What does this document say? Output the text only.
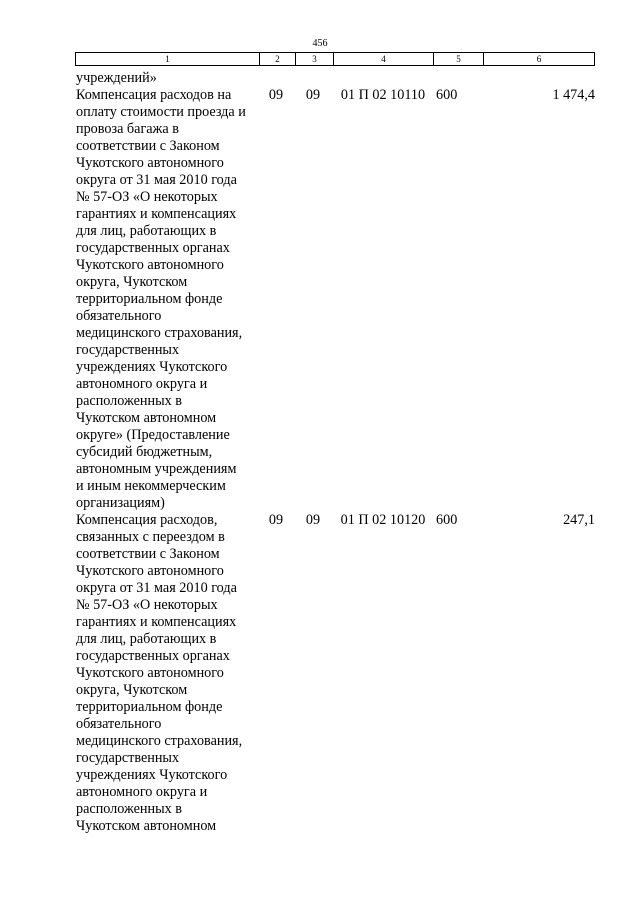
456
1	2	3	4	5	6
учреждений»
Компенсация расходов на
оплату стоимости проезда и
провоза багажа в
соответствии с Законом
Чукотского автономного
округа от 31 мая 2010 года
№ 57-ОЗ «О некоторых
гарантиях и компенсациях
для лиц, работающих в
государственных органах
Чукотского автономного
округа, Чукотском
территориальном фонде
обязательного
медицинского страхования,
государственных
учреждениях Чукотского
автономного округа и
расположенных в
Чукотском автономном
округе» (Предоставление
субсидий бюджетным,
автономным учреждениям
и иным некоммерческим
организациям)
09	09	01 П 02 10110 600	1 474,4
Компенсация расходов,
связанных с переездом в
соответствии с Законом
Чукотского автономного
округа от 31 мая 2010 года
№ 57-ОЗ «О некоторых
гарантиях и компенсациях
для лиц, работающих в
государственных органах
Чукотского автономного
округа, Чукотском
территориальном фонде
обязательного
медицинского страхования,
государственных
учреждениях Чукотского
автономного округа и
расположенных в
Чукотском автономном
09	09	01 П 02 10120 600	247,1
